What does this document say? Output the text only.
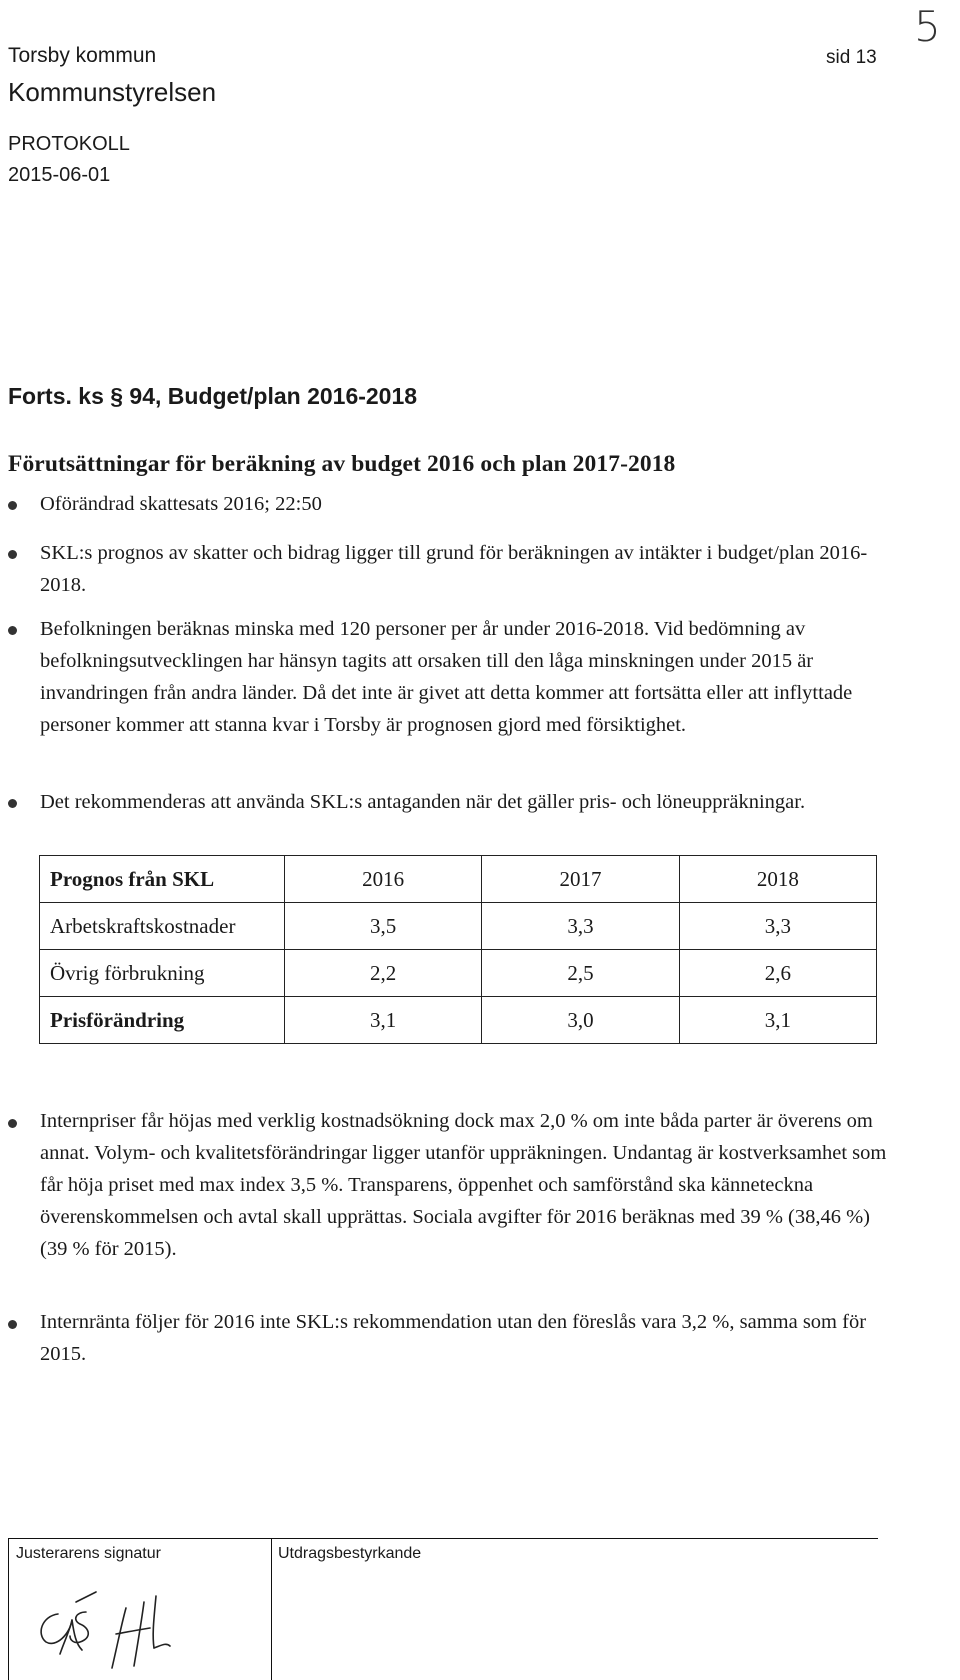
5
Torsby kommun
Kommunstyrelsen
sid 13
PROTOKOLL
2015-06-01
Forts. ks § 94, Budget/plan 2016-2018
Förutsättningar för beräkning av budget 2016 och plan 2017-2018
Oförändrad skattesats 2016; 22:50
SKL:s prognos av skatter och bidrag ligger till grund för beräkningen av intäkter i budget/plan 2016-2018.
Befolkningen beräknas minska med 120 personer per år under 2016-2018. Vid bedömning av befolkningsutvecklingen har hänsyn tagits att orsaken till den låga minskningen under 2015 är invandringen från andra länder. Då det inte är givet att detta kommer att fortsätta eller att inflyttade personer kommer att stanna kvar i Torsby är prognosen gjord med försiktighet.
Det rekommenderas att använda SKL:s antaganden när det gäller pris- och löneuppräkningar.
Prognos från SKL	2016	2017	2018
Arbetskraftskostnader	3,5	3,3	3,3
Övrig förbrukning	2,2	2,5	2,6
Prisförändring	3,1	3,0	3,1
Internpriser får höjas med verklig kostnadsökning dock max 2,0 % om inte båda parter är överens om annat. Volym- och kvalitetsförändringar ligger utanför uppräkningen. Undantag är kostverksamhet som får höja priset med max index 3,5 %. Transparens, öppenhet och samförstånd ska känneteckna överenskommelsen och avtal skall upprättas. Sociala avgifter för 2016 beräknas med 39 % (38,46 %) (39 % för 2015).
Internränta följer för 2016 inte SKL:s rekommendation utan den föreslås vara 3,2 %, samma som för 2015.
Justerarens signatur	Utdragsbestyrkande
